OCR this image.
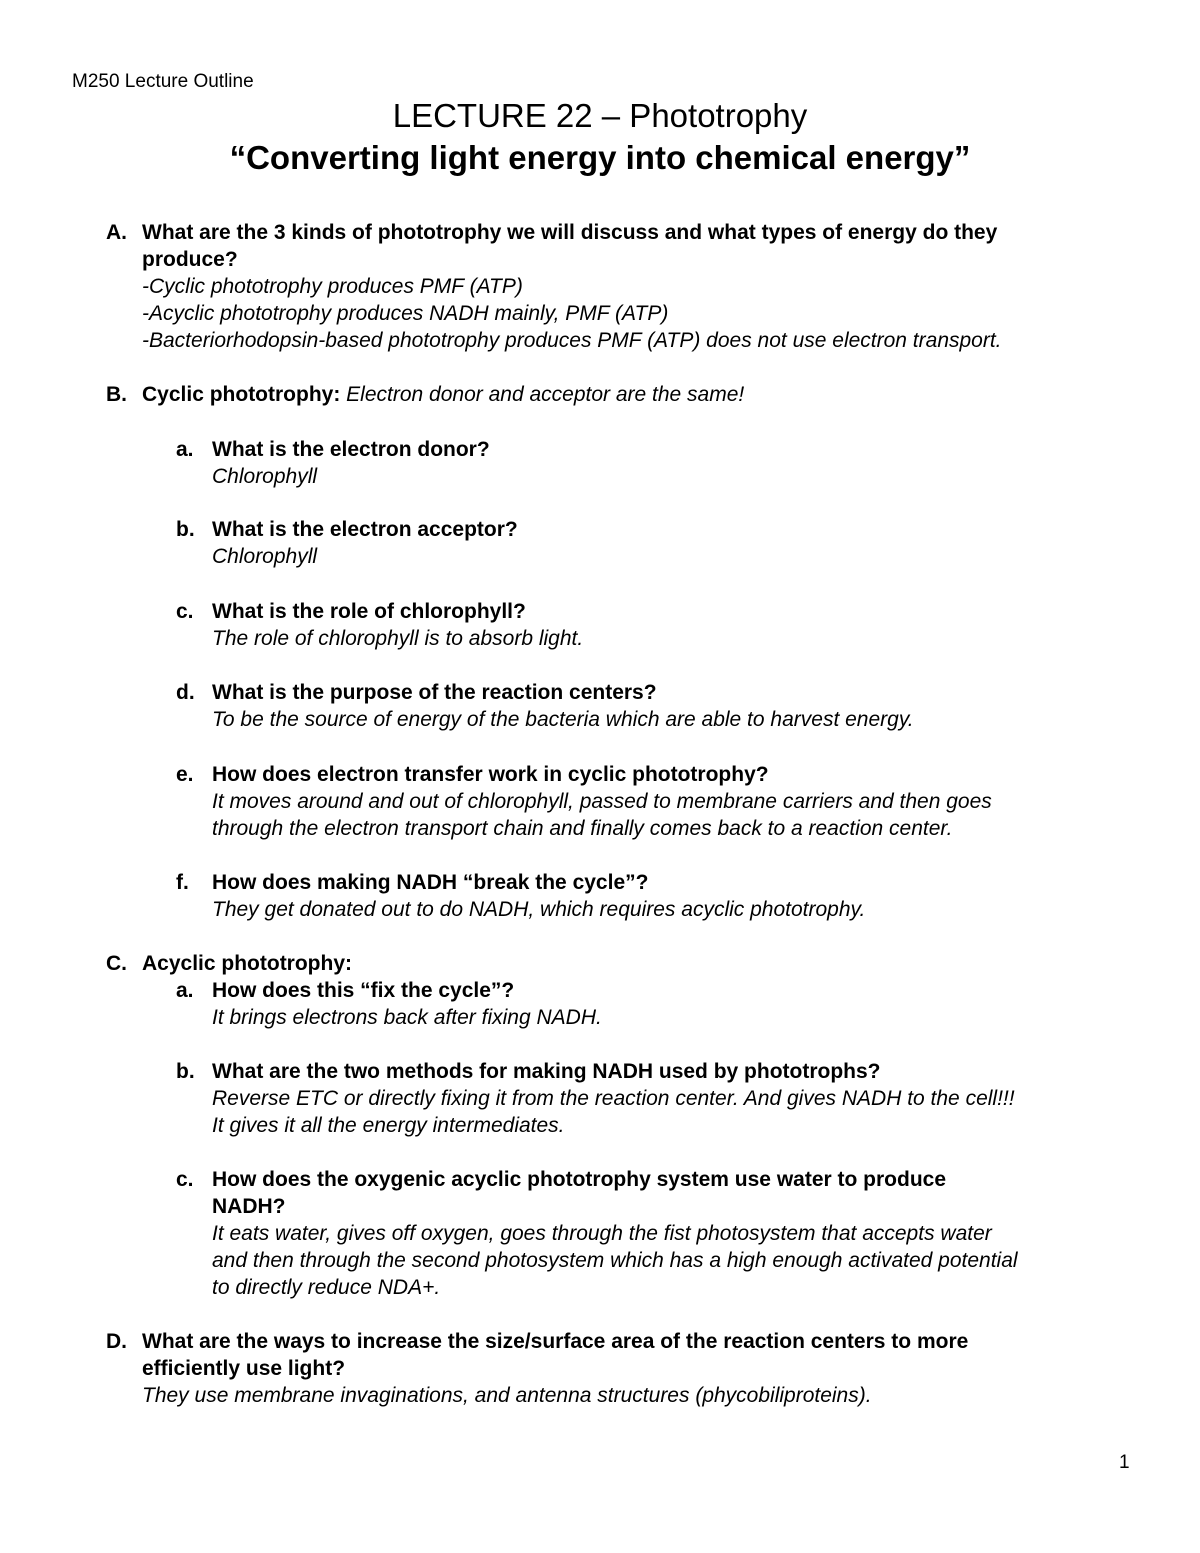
M250 Lecture Outline
LECTURE 22 – Phototrophy
“Converting light energy into chemical energy”
A. What are the 3 kinds of phototrophy we will discuss and what types of energy do they
produce?
-Cyclic phototrophy produces PMF (ATP)
-Acyclic phototrophy produces NADH mainly, PMF (ATP)
-Bacteriorhodopsin-based phototrophy produces PMF (ATP) does not use electron transport.
B. Cyclic phototrophy: Electron donor and acceptor are the same!
a. What is the electron donor?
Chlorophyll
b. What is the electron acceptor?
Chlorophyll
c. What is the role of chlorophyll?
The role of chlorophyll is to absorb light.
d. What is the purpose of the reaction centers?
To be the source of energy of the bacteria which are able to harvest energy.
e. How does electron transfer work in cyclic phototrophy?
It moves around and out of chlorophyll, passed to membrane carriers and then goes
through the electron transport chain and finally comes back to a reaction center.
f. How does making NADH “break the cycle”?
They get donated out to do NADH, which requires acyclic phototrophy.
C. Acyclic phototrophy:
a. How does this “fix the cycle”?
It brings electrons back after fixing NADH.
b. What are the two methods for making NADH used by phototrophs?
Reverse ETC or directly fixing it from the reaction center. And gives NADH to the cell!!!
It gives it all the energy intermediates.
c. How does the oxygenic acyclic phototrophy system use water to produce
NADH?
It eats water, gives off oxygen, goes through the fist photosystem that accepts water
and then through the second photosystem which has a high enough activated potential
to directly reduce NDA+.
D. What are the ways to increase the size/surface area of the reaction centers to more
efficiently use light?
They use membrane invaginations, and antenna structures (phycobiliproteins).
1
